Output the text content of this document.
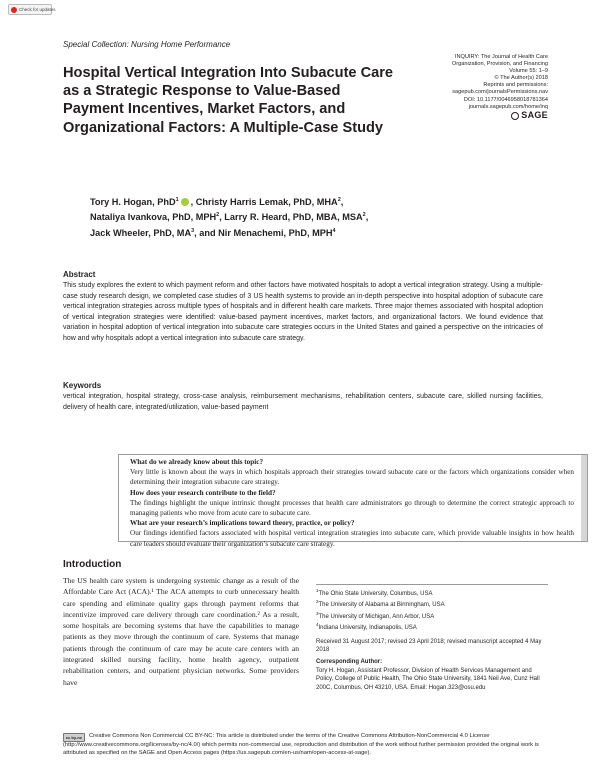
Check for updates
Special Collection: Nursing Home Performance
INQUIRY: The Journal of Health Care
Organization, Provision, and Financing
Volume 55: 1–9
© The Author(s) 2018
Reprints and permissions:
sagepub.com/journalsPermissions.nav
DOI: 10.1177/0046958018781364
journals.sagepub.com/home/inq
SAGE
Hospital Vertical Integration Into Subacute Care as a Strategic Response to Value-Based Payment Incentives, Market Factors, and Organizational Factors: A Multiple-Case Study
Tory H. Hogan, PhD$^1$ , Christy Harris Lemak, PhD, MHA$^2$,
Nataliya Ivankova, PhD, MPH$^2$, Larry R. Heard, PhD, MBA, MSA$^2$,
Jack Wheeler, PhD, $MA^3$, and Nir Menachemi, PhD, MPH$^4$
Abstract

This study explores the extent to which payment reform and other factors have motivated hospitals to adopt a vertical integration strategy. Using a multiple-case study research design, we completed case studies of 3 US health systems to provide an in-depth perspective into hospital adoption of subacute care vertical integration strategies across multiple types of hospitals and in different health care markets. Three major themes associated with hospital adoption of vertical integration strategies were identified: value-based payment incentives, market factors, and organizational factors. We found evidence that variation in hospital adoption of vertical integration into subacute care strategies occurs in the United States and gained a perspective on the intricacies of how and why hospitals adopt a vertical integration into subacute care strategy.

Keywords

vertical integration, hospital strategy, cross-case analysis, reimbursement mechanisms, rehabilitation centers, subacute care, skilled nursing facilities, delivery of health care, integrated/utilization, value-based payment

What do we already know about this topic?
Very little is known about the ways in which hospitals approach their strategies toward subacute care or the factors which organizations consider when determining their integration subacute care strategy.
How does your research contribute to the field?
The findings highlight the unique intrinsic thought processes that health care administrators go through to determine the correct strategic approach to managing patients who move from acute care to subacute care.
What are your research’s implications toward theory, practice, or policy?
Our findings identified factors associated with hospital vertical integration strategies into subacute care, which provide valuable insights in how health care leaders should evaluate their organization’s subacute care strategy.
Introduction

The US health care system is undergoing systemic change as a result of the Affordable Care Act (ACA).¹ The ACA attempts to curb unnecessary health care spending and eliminate quality gaps through payment reforms that incentivize improved care delivery through care coordination.² As a result, some hospitals are becoming systems that have the capabilities to manage patients as they move through the continuum of care. Systems that manage patients through the continuum of care may be acute care centers with an integrated skilled nursing facility, home health agency, outpatient rehabilitation centers, and outpatient physician networks. Some providers have

$^1$The Ohio State University, Columbus, USA
$^2$The University of Alabama at Birmingham, USA
$^3$The University of Michigan, Ann Arbor, USA
$^4$Indiana University, Indianapolis, USA
Received 31 August 2017; revised 23 April 2018; revised manuscript accepted 4 May 2018
Corresponding Author:
Tory H. Hogan, Assistant Professor, Division of Health Services Management and Policy, College of Public Health, The Ohio State University, 1841 Neil Ave, Cunz Hall 200C, Columbus, OH 43210, USA. Email: Hogan.323@osu.edu
cc by-nc	Creative Commons Non Commercial CC BY-NC: This article is distributed under the terms of the Creative Commons Attribution-NonCommercial 4.0 License (http://www.creativecommons.org/licenses/by-nc/4.0/) which permits non-commercial use, reproduction and distribution of the work without further permission provided the original work is attributed as specified on the SAGE and Open Access pages (https://us.sagepub.com/en-us/nam/open-access-at-sage).
